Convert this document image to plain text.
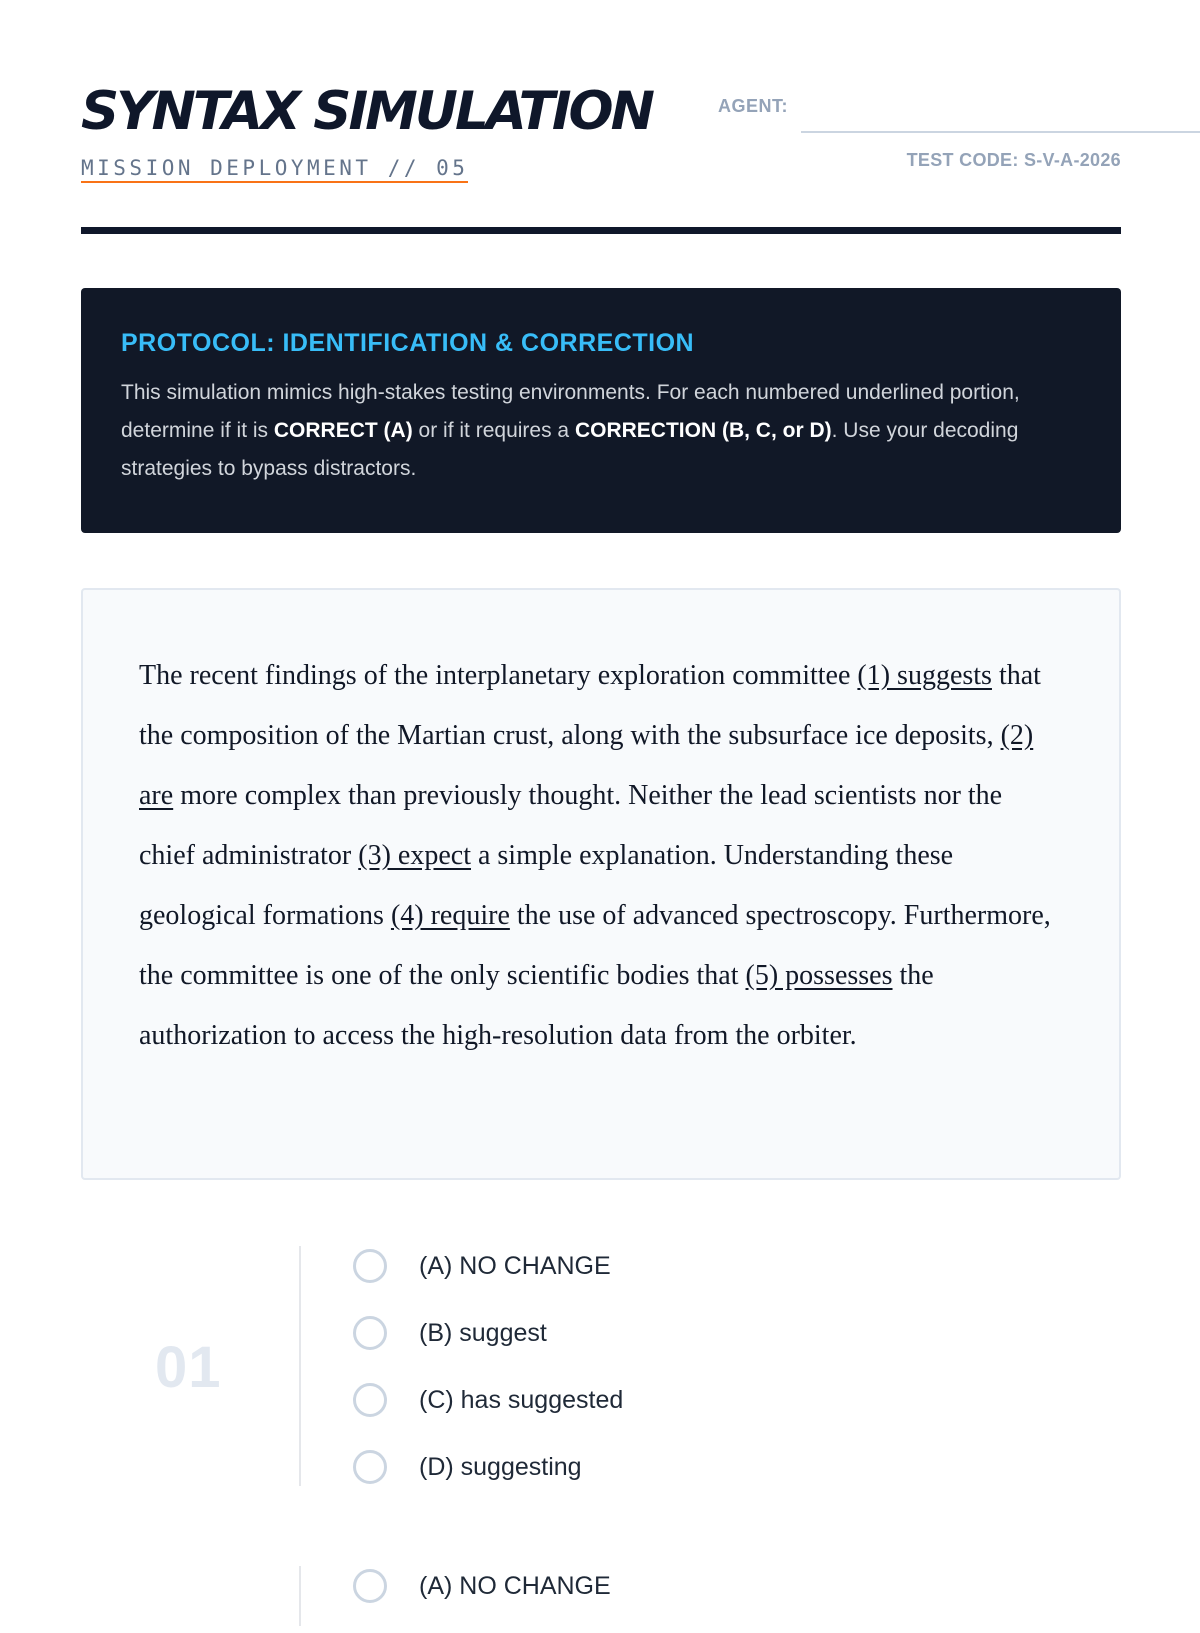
SYNTAX SIMULATION
MISSION DEPLOYMENT // 05
AGENT:
TEST CODE: S-V-A-2026
PROTOCOL: IDENTIFICATION & CORRECTION

This simulation mimics high-stakes testing environments. For each numbered underlined portion, determine if it is CORRECT (A) or if it requires a CORRECTION (B, C, or D). Use your decoding strategies to bypass distractors.

The recent findings of the interplanetary exploration committee (1) suggests that the composition of the Martian crust, along with the subsurface ice deposits, (2) are more complex than previously thought. Neither the lead scientists nor the chief administrator (3) expect a simple explanation. Understanding these geological formations (4) require the use of advanced spectroscopy. Furthermore, the committee is one of the only scientific bodies that (5) possesses the authorization to access the high-resolution data from the orbiter.

01
(A) NO CHANGE
(B) suggest
(C) has suggested
(D) suggesting
(A) NO CHANGE
